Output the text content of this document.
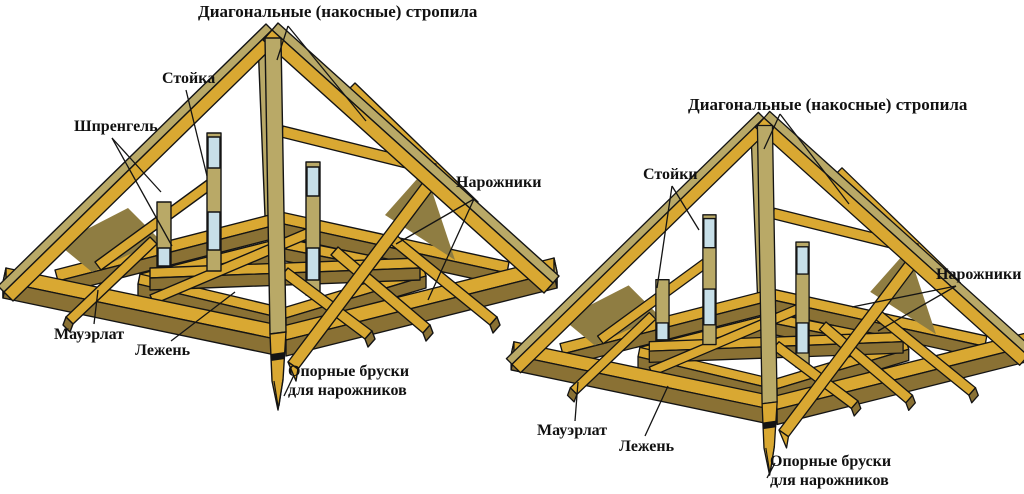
Диагональные (накосные) стропила
Стойка
Шпренгель
Нарожники
Мауэрлат
Лежень
Опорные бруски
для нарожников
Диагональные (накосные) стропила
Стойки
Нарожники
Мауэрлат
Лежень
Опорные бруски
для нарожников
